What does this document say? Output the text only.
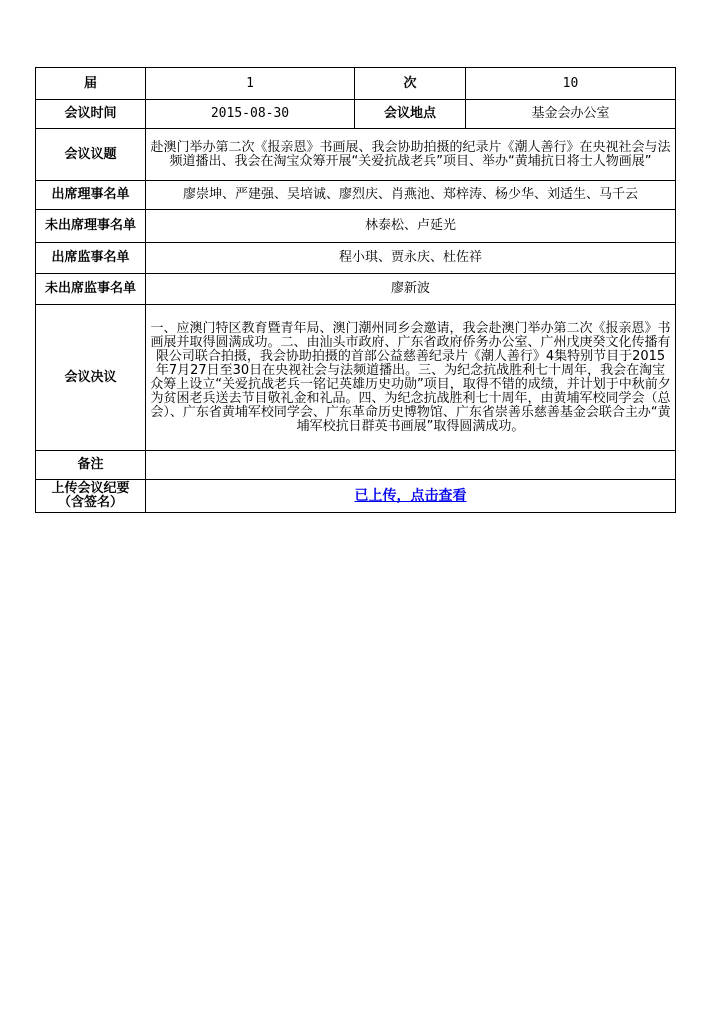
届	1	次	10
会议时间	2015-08-30	会议地点	基金会办公室
会议议题	赴澳门举办第二次《报亲恩》书画展、我会协助拍摄的纪录片《潮人善行》在央视社会与法频道播出、我会在淘宝众筹开展“关爱抗战老兵”项目、举办“黄埔抗日将士人物画展”		
出席理事名单	廖崇坤、严建强、吴培诚、廖烈庆、肖燕池、郑梓涛、杨少华、刘适生、马千云		
未出席理事名单	林泰松、卢延光		
出席监事名单	程小琪、贾永庆、杜佐祥		
未出席监事名单	廖新波		
会议决议	一、应澳门特区教育暨青年局、澳门潮州同乡会邀请，我会赴澳门举办第二次《报亲恩》书画展并取得圆满成功。二、由汕头市政府、广东省政府侨务办公室、广州戊庚癸文化传播有限公司联合拍摄，我会协助拍摄的首部公益慈善纪录片《潮人善行》4集特别节目于2015年7月27日至30日在央视社会与法频道播出。三、为纪念抗战胜利七十周年，我会在淘宝众筹上设立“关爱抗战老兵一铭记英雄历史功勋”项目，取得不错的成绩，并计划于中秋前夕为贫困老兵送去节目敬礼金和礼品。四、为纪念抗战胜利七十周年，由黄埔军校同学会（总会）、广东省黄埔军校同学会、广东革命历史博物馆、广东省崇善乐慈善基金会联合主办“黄埔军校抗日群英书画展”取得圆满成功。		
备注			
上传会议纪要（含签名）	已上传，点击查看		
